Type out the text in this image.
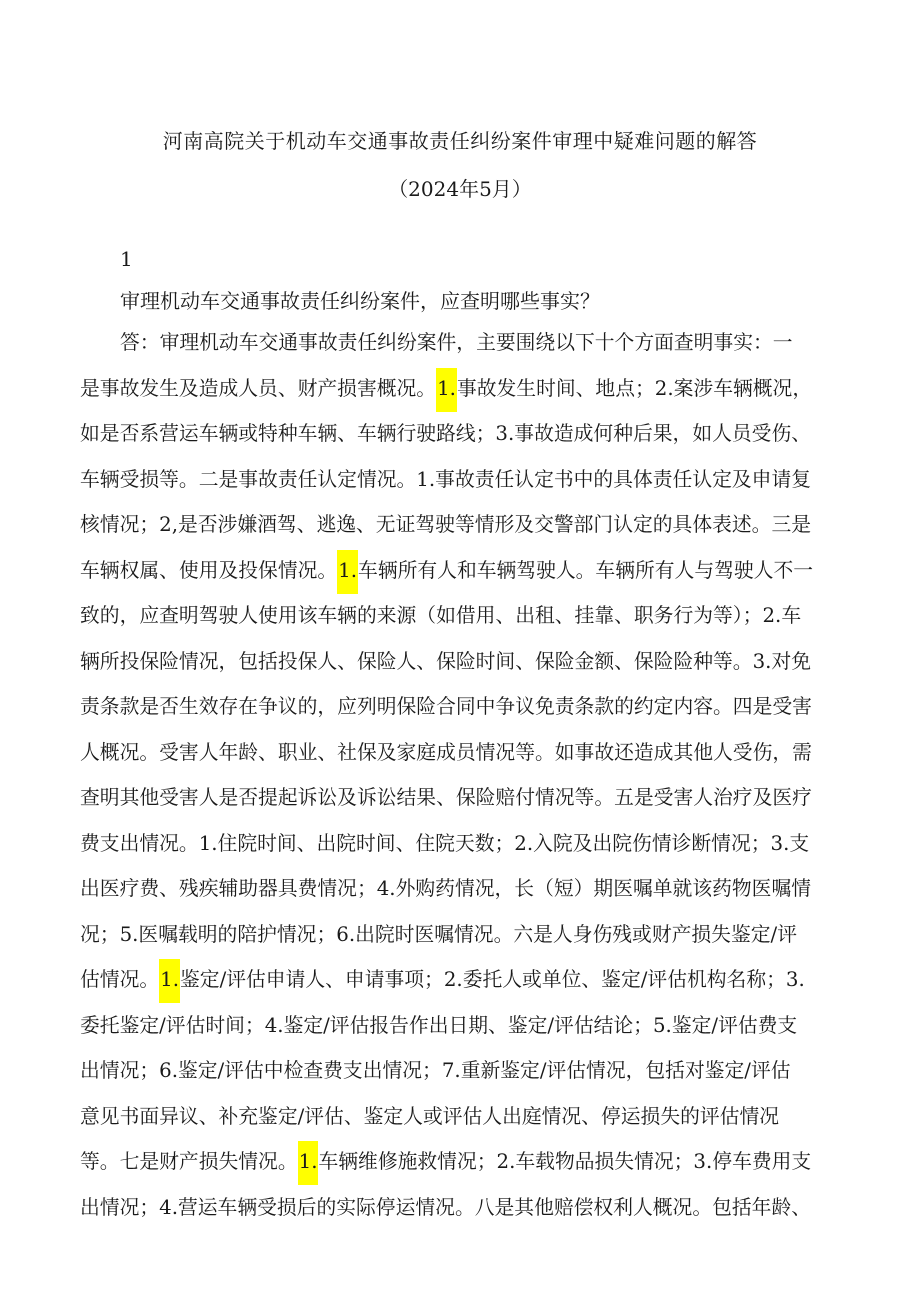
河南高院关于机动车交通事故责任纠纷案件审理中疑难问题的解答
（2024年5月）
1
审理机动车交通事故责任纠纷案件，应查明哪些事实？
答：审理机动车交通事故责任纠纷案件，主要围绕以下十个方面查明事实：一
是事故发生及造成人员、财产损害概况。1.事故发生时间、地点；2.案涉车辆概况，
如是否系营运车辆或特种车辆、车辆行驶路线；3.事故造成何种后果，如人员受伤、
车辆受损等。二是事故责任认定情况。1.事故责任认定书中的具体责任认定及申请复
核情况；2,是否涉嫌酒驾、逃逸、无证驾驶等情形及交警部门认定的具体表述。三是
车辆权属、使用及投保情况。1.车辆所有人和车辆驾驶人。车辆所有人与驾驶人不一
致的，应查明驾驶人使用该车辆的来源（如借用、出租、挂靠、职务行为等）；2.车
辆所投保险情况，包括投保人、保险人、保险时间、保险金额、保险险种等。3.对免
责条款是否生效存在争议的，应列明保险合同中争议免责条款的约定内容。四是受害
人概况。受害人年龄、职业、社保及家庭成员情况等。如事故还造成其他人受伤，需
查明其他受害人是否提起诉讼及诉讼结果、保险赔付情况等。五是受害人治疗及医疗
费支出情况。1.住院时间、出院时间、住院天数；2.入院及出院伤情诊断情况；3.支
出医疗费、残疾辅助器具费情况；4.外购药情况，长（短）期医嘱单就该药物医嘱情
况；5.医嘱载明的陪护情况；6.出院时医嘱情况。六是人身伤残或财产损失鉴定/评
估情况。1.鉴定/评估申请人、申请事项；2.委托人或单位、鉴定/评估机构名称；3.
委托鉴定/评估时间；4.鉴定/评估报告作出日期、鉴定/评估结论；5.鉴定/评估费支
出情况；6.鉴定/评估中检查费支出情况；7.重新鉴定/评估情况，包括对鉴定/评估
意见书面异议、补充鉴定/评估、鉴定人或评估人出庭情况、停运损失的评估情况
等。七是财产损失情况。1.车辆维修施救情况；2.车载物品损失情况；3.停车费用支
出情况；4.营运车辆受损后的实际停运情况。八是其他赔偿权利人概况。包括年龄、
